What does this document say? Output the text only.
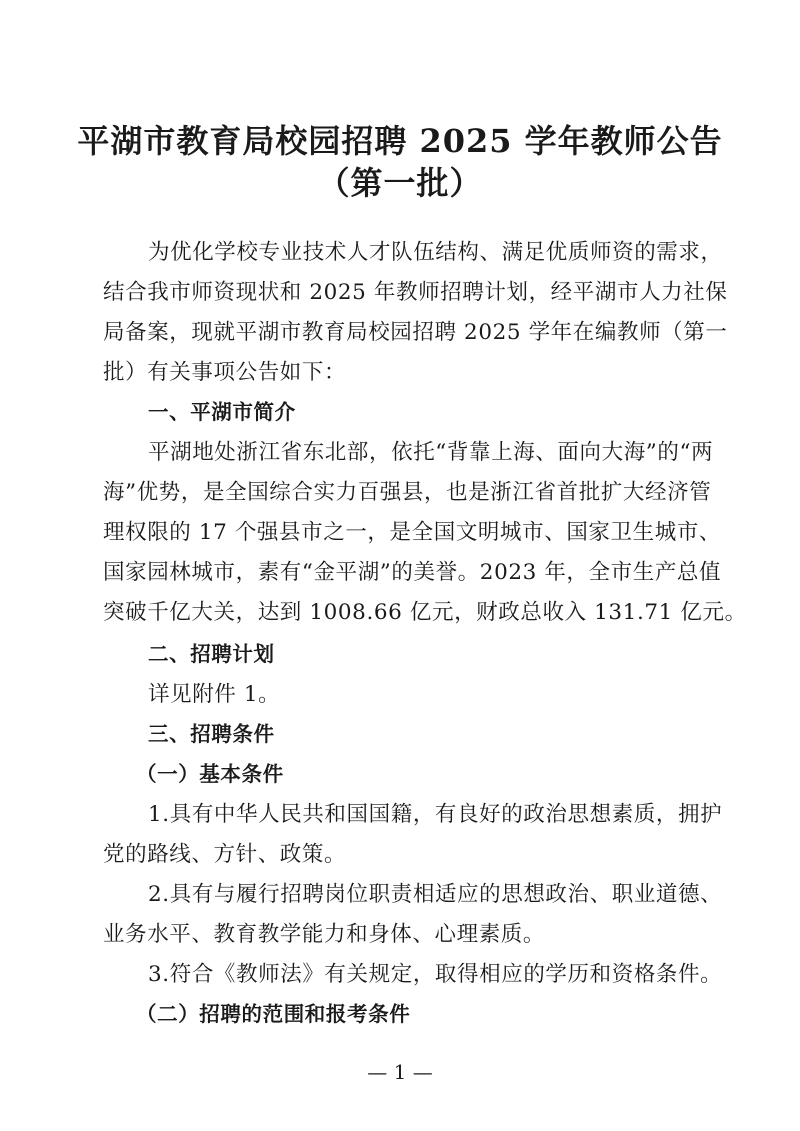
平湖市教育局校园招聘 2025 学年教师公告
（第一批）
为优化学校专业技术人才队伍结构、满足优质师资的需求，
结合我市师资现状和 2025 年教师招聘计划，经平湖市人力社保
局备案，现就平湖市教育局校园招聘 2025 学年在编教师（第一
批）有关事项公告如下：
一、平湖市简介
平湖地处浙江省东北部，依托“背靠上海、面向大海”的“两
海”优势，是全国综合实力百强县，也是浙江省首批扩大经济管
理权限的 17 个强县市之一，是全国文明城市、国家卫生城市、
国家园林城市，素有“金平湖”的美誉。2023 年，全市生产总值
突破千亿大关，达到 1008.66 亿元，财政总收入 131.71 亿元。
二、招聘计划
详见附件 1。
三、招聘条件
（一）基本条件
1.具有中华人民共和国国籍，有良好的政治思想素质，拥护
党的路线、方针、政策。
2.具有与履行招聘岗位职责相适应的思想政治、职业道德、
业务水平、教育教学能力和身体、心理素质。
3.符合《教师法》有关规定，取得相应的学历和资格条件。
（二）招聘的范围和报考条件
— 1 —
